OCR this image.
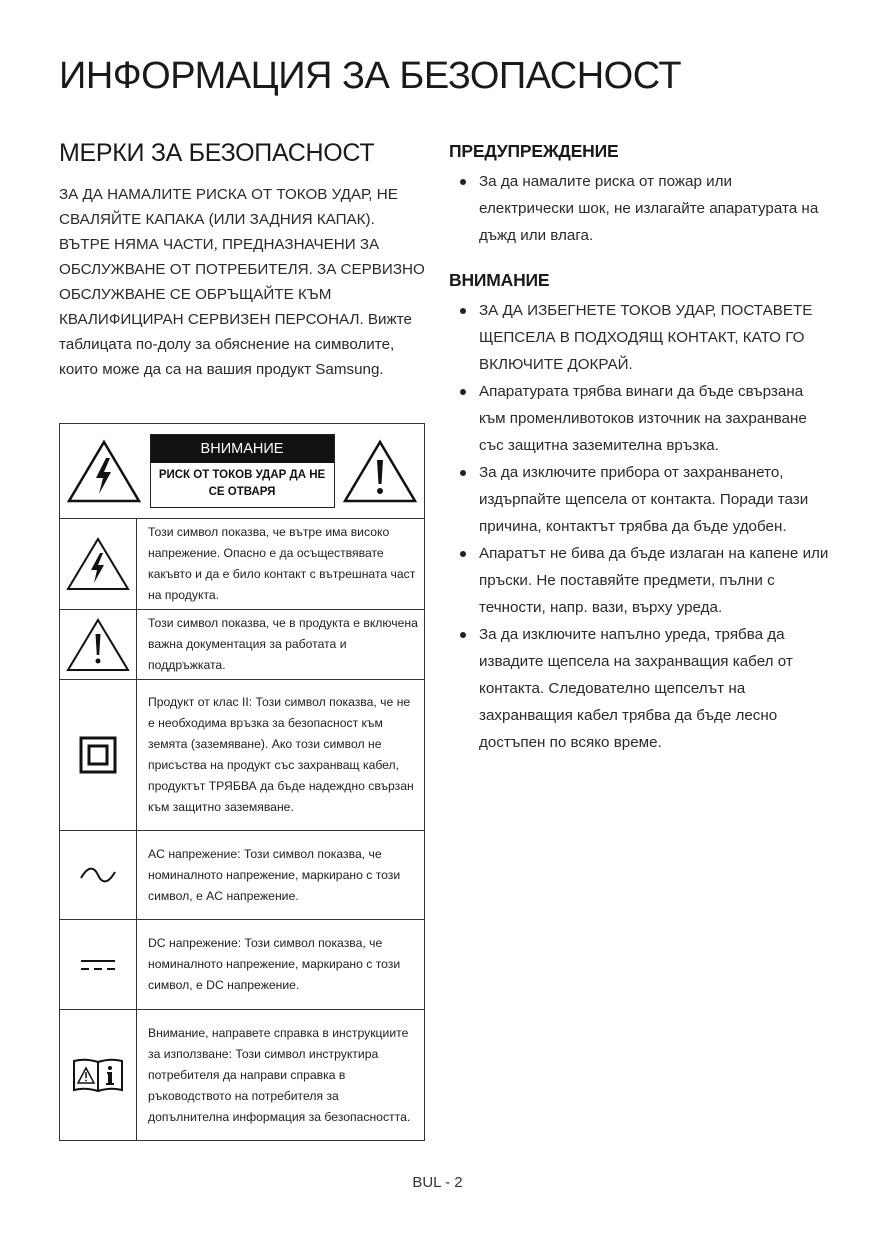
ИНФОРМАЦИЯ ЗА БЕЗОПАСНОСТ
МЕРКИ ЗА БЕЗОПАСНОСТ

ЗА ДА НАМАЛИТЕ РИСКА ОТ ТОКОВ УДАР, НЕ СВАЛЯЙТЕ КАПАКА (ИЛИ ЗАДНИЯ КАПАК). ВЪТРЕ НЯМА ЧАСТИ, ПРЕДНАЗНАЧЕНИ ЗА ОБСЛУЖВАНЕ ОТ ПОТРЕБИТЕЛЯ. ЗА СЕРВИЗНО ОБСЛУЖВАНЕ СЕ ОБРЪЩАЙТЕ КЪМ КВАЛИФИЦИРАН СЕРВИЗЕН ПЕРСОНАЛ. Вижте таблицата по-долу за обяснение на символите, които може да са на вашия продукт Samsung.

ВНИМАНИЕ
РИСК ОТ ТОКОВ УДАР ДА НЕ СЕ ОТВАРЯ	

	Този символ показва, че вътре има високо напрежение. Опасно е да осъществявате какъвто и да е било контакт с вътрешната част на продукта.

	Този символ показва, че в продукта е включена важна документация за работата и поддръжката.

	Продукт от клас II: Този символ показва, че не е необходима връзка за безопасност към земята (заземяване). Ако този символ не присъства на продукт със захранващ кабел, продуктът ТРЯБВА да бъде надеждно свързан към защитно заземяване.

	AC напрежение: Този символ показва, че номиналното напрежение, маркирано с този символ, е AC напрежение.

	DC напрежение: Този символ показва, че номиналното напрежение, маркирано с този символ, е DC напрежение.

	Внимание, направете справка в инструкциите за използване: Този символ инструктира потребителя да направи справка в ръководството на потребителя за допълнителна информация за безопасността.
ПРЕДУПРЕЖДЕНИЕ
За да намалите риска от пожар или електрически шок, не излагайте апаратурата на дъжд или влага.
ВНИМАНИЕ
ЗА ДА ИЗБЕГНЕТЕ ТОКОВ УДАР, ПОСТАВЕТЕ ЩЕПСЕЛА В ПОДХОДЯЩ КОНТАКТ, КАТО ГО ВКЛЮЧИТЕ ДОКРАЙ.
Апаратурата трябва винаги да бъде свързана към променливотоков източник на захранване със защитна заземителна връзка.
За да изключите прибора от захранването, издърпайте щепсела от контакта. Поради тази причина, контактът трябва да бъде удобен.
Апаратът не бива да бъде излаган на капене или пръски. Не поставяйте предмети, пълни с течности, напр. вази, върху уреда.
За да изключите напълно уреда, трябва да извадите щепсела на захранващия кабел от контакта. Следователно щепселът на захранващия кабел трябва да бъде лесно достъпен по всяко време.
BUL - 2
